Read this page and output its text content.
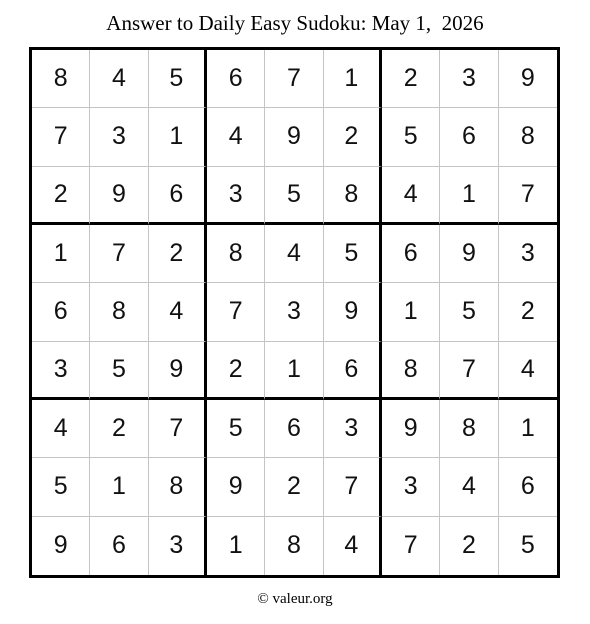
Answer to Daily Easy Sudoku: May 1,  2026
8	4	5	6	7	1	2	3	9
7	3	1	4	9	2	5	6	8
2	9	6	3	5	8	4	1	7
1	7	2	8	4	5	6	9	3
6	8	4	7	3	9	1	5	2
3	5	9	2	1	6	8	7	4
4	2	7	5	6	3	9	8	1
5	1	8	9	2	7	3	4	6
9	6	3	1	8	4	7	2	5
© valeur.org
